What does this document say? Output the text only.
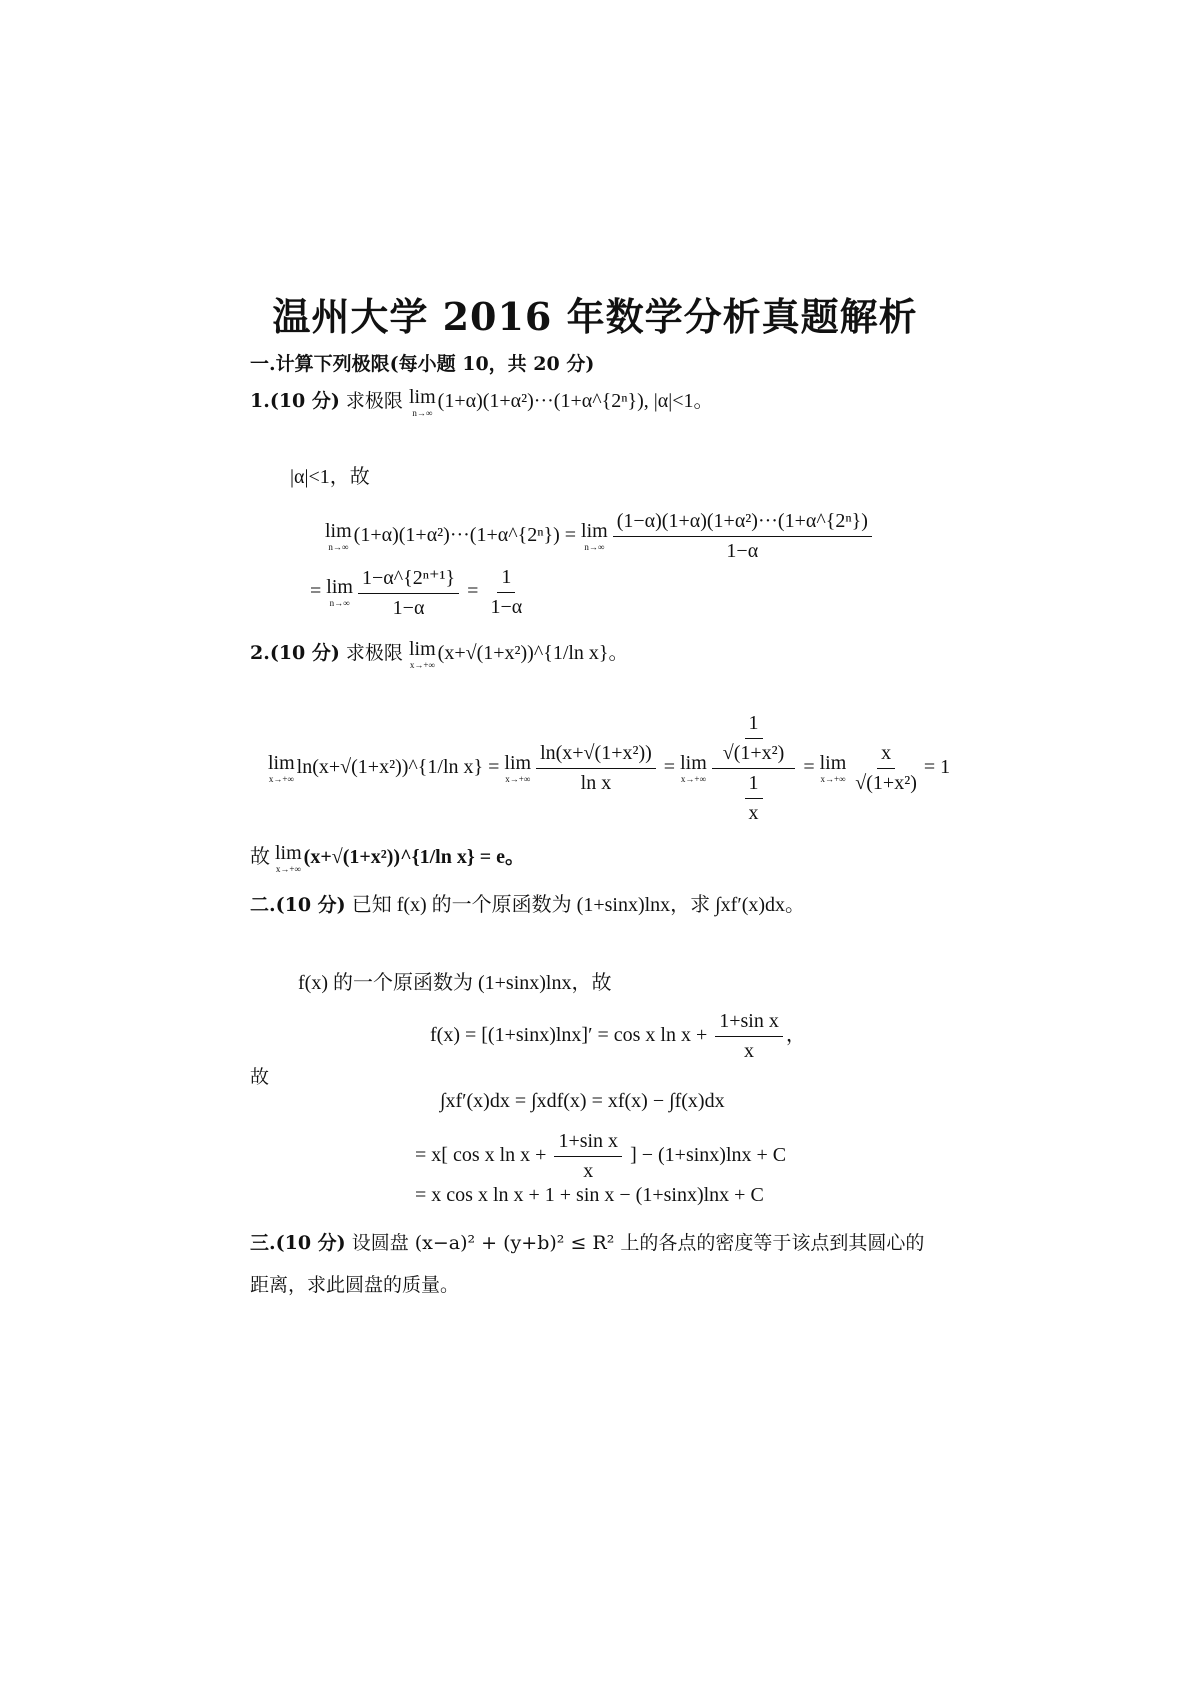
温州大学 2016 年数学分析真题解析
一.计算下列极限(每小题 10，共 20 分)
1.(10 分) 求极限 lim
n→∞
(1+α)(1+α²)···(1+α^{2ⁿ}), |α|<1。
|α|<1，故
lim
n→∞
(1+α)(1+α²)···(1+α^{2ⁿ}) = lim
$n\to\infty \frac{\text{(1−α)(1+α)(1+α²)···(1+α\textasciicircum{}\{2ⁿ\})}}{1-\alpha}$
= lim
$n\to\infty \frac{\text{1−α\textasciicircum{}\{2ⁿ⁺¹\}}}{1-\alpha} = \frac{1}{1-\alpha}$
2.(10 分) 求极限 lim
x→+∞
(x+√(1+x²))^{1/ln x}。
lim
x→+∞
ln(x+√(1+x²))^{1/ln x} = lim
$x\to+\infty \frac{\text{ln(x+√(1+x²))}}{\text{ln x}} = \lim$
$x\to+\infty \frac{\frac{1}{\text{√(1+x²)}}}{\frac{1}{x}} = \lim$
$x\to+\infty \frac{x}{\text{√(1+x²)}} = 1$
故 lim
x→+∞
(x+√(1+x²))^{1/ln x} = e。
二.(10 分) 已知 f(x) 的一个原函数为 (1+sinx)lnx，求 ∫xf′(x)dx。
f(x) 的一个原函数为 (1+sinx)lnx，故
f(x) = [(1+sinx)lnx]′ = cos x $\ln x + \frac{\text{1+sin x}}{x}$ ，
故
∫xf′(x)dx = ∫xdf(x) = xf(x) − ∫f(x)dx
= x[ cos x $\ln x + \frac{\text{1+sin x}}{x}$ ] − (1+sinx)lnx + C
= x cos x ln x + 1 + sin x − (1+sinx)lnx + C
三.(10 分) 设圆盘 (x−a)² + (y+b)² ≤ R² 上的各点的密度等于该点到其圆心的
距离，求此圆盘的质量。
